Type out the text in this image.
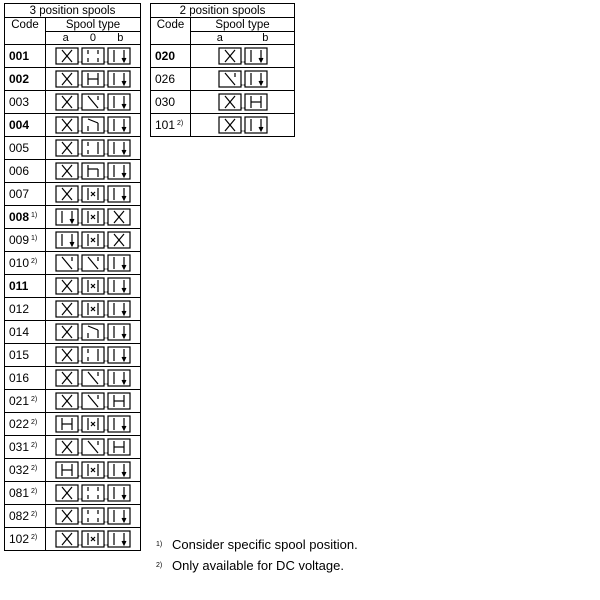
3 position spools	
Code	Spool type

	a 0 b

001	

002	

003	

004	

005	

006	

007	

008 $^{1)}$	

009 $^{1)}$	

010 $^{2)}$	

011	

012	

014	

015	

016	

021 $^{2)}$	

022 $^{2)}$	

031 $^{2)}$	

032 $^{2)}$	

081 $^{2)}$	

082 $^{2)}$	

102 $^{2)}$	
2 position spools	
Code	Spool type

	a b

020	

026	

030	

101 $^{2)}$	
1) Consider specific spool position.
2) Only available for DC voltage.
